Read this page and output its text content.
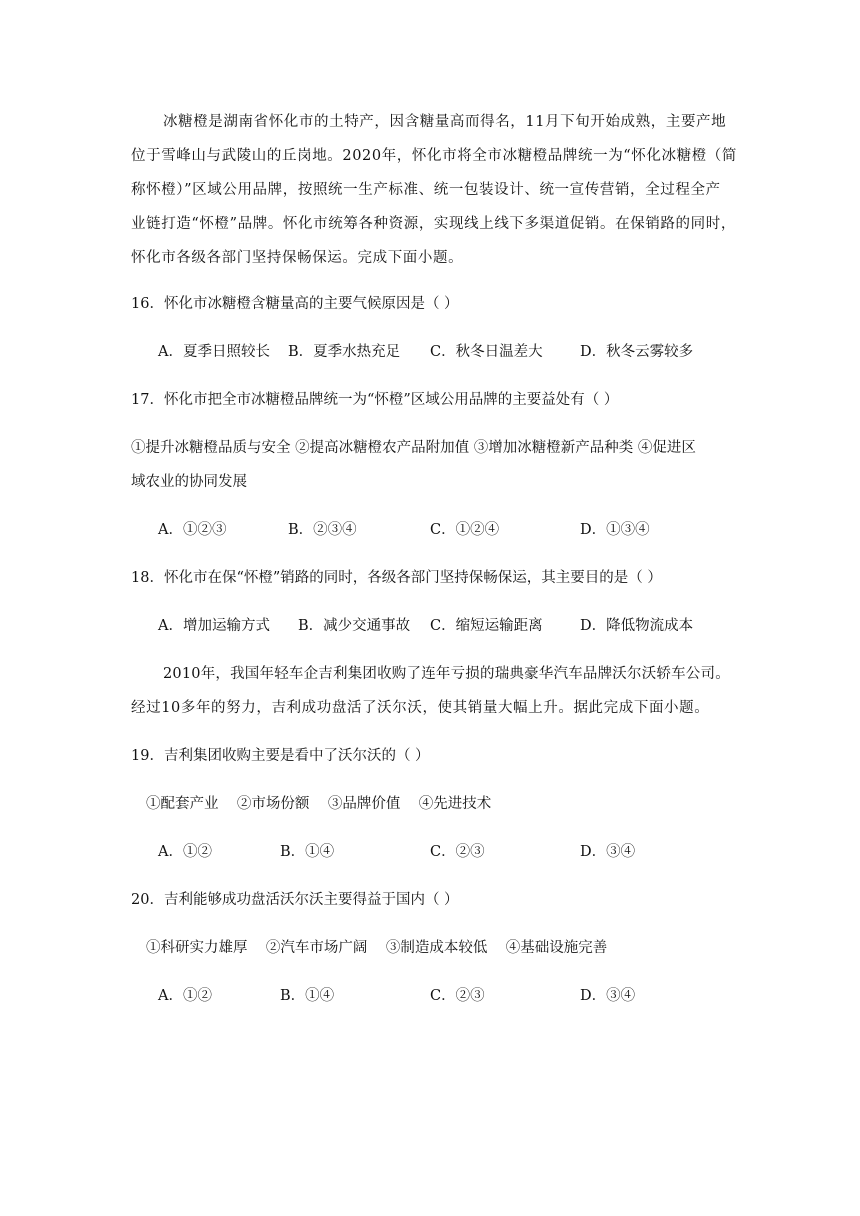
冰糖橙是湖南省怀化市的土特产，因含糖量高而得名，11月下旬开始成熟，主要产地
位于雪峰山与武陵山的丘岗地。2020年，怀化市将全市冰糖橙品牌统一为“怀化冰糖橙（简
称怀橙）”区域公用品牌，按照统一生产标准、统一包装设计、统一宣传营销，全过程全产
业链打造“怀橙”品牌。怀化市统筹各种资源，实现线上线下多渠道促销。在保销路的同时，
怀化市各级各部门坚持保畅保运。完成下面小题。
16．怀化市冰糖橙含糖量高的主要气候原因是（ ）
A．夏季日照较长 B．夏季水热充足 C．秋冬日温差大	D．秋冬云雾较多
17．怀化市把全市冰糖橙品牌统一为“怀橙”区域公用品牌的主要益处有（ ）
①提升冰糖橙品质与安全 ②提高冰糖橙农产品附加值 ③增加冰糖橙新产品种类 ④促进区
域农业的协同发展
A．①②③	B．②③④	C．①②④	D．①③④
18．怀化市在保“怀橙”销路的同时，各级各部门坚持保畅保运，其主要目的是（ ）
A．增加运输方式 B．减少交通事故 C．缩短运输距离	D．降低物流成本
2010年，我国年轻车企吉利集团收购了连年亏损的瑞典豪华汽车品牌沃尔沃轿车公司。
经过10多年的努力，吉利成功盘活了沃尔沃，使其销量大幅上升。据此完成下面小题。
19．吉利集团收购主要是看中了沃尔沃的（ ）
①配套产业    ②市场份额    ③品牌价值    ④先进技术
A．①②	B．①④	C．②③	D．③④
20．吉利能够成功盘活沃尔沃主要得益于国内（ ）
①科研实力雄厚    ②汽车市场广阔    ③制造成本较低    ④基础设施完善
A．①②	B．①④	C．②③	D．③④
